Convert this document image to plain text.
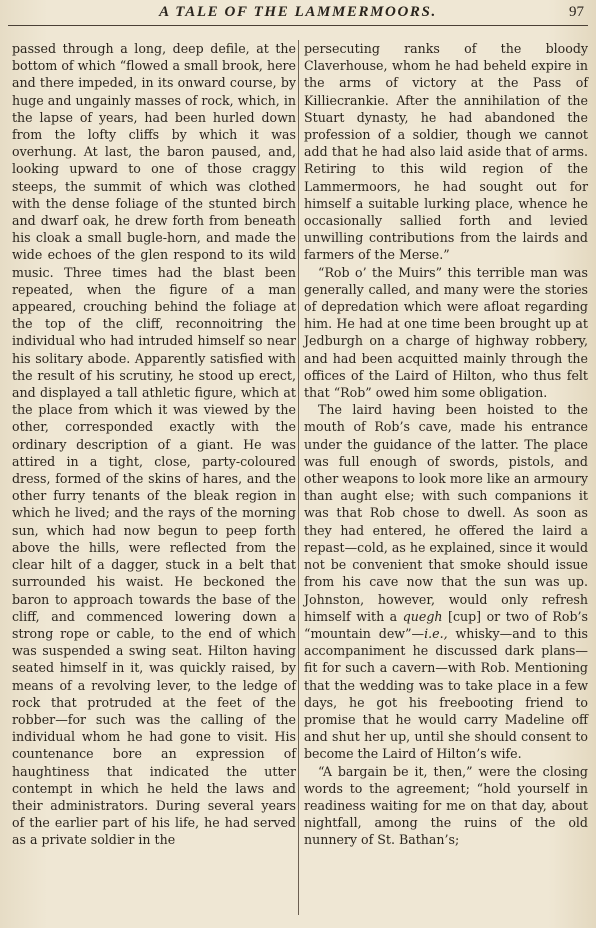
A TALE OF THE LAMMERMOORS.	97

passed through a long, deep defile, at the bottom of which “flowed a small brook, here and there impeded, in its onward course, by huge and ungainly masses of rock, which, in the lapse of years, had been hurled down from the lofty cliffs by which it was overhung. At last, the baron paused, and, looking upward to one of those craggy steeps, the summit of which was clothed with the dense foliage of the stunted birch and dwarf oak, he drew forth from beneath his cloak a small bugle-horn, and made the wide echoes of the glen respond to its wild music. Three times had the blast been repeated, when the figure of a man appeared, crouching behind the foliage at the top of the cliff, reconnoitring the individual who had intruded himself so near his solitary abode. Apparently satisfied with the result of his scrutiny, he stood up erect, and displayed a tall athletic figure, which at the place from which it was viewed by the other, corresponded exactly with the ordinary description of a giant. He was attired in a tight, close, party-coloured dress, formed of the skins of hares, and the other furry tenants of the bleak region in which he lived; and the rays of the morning sun, which had now begun to peep forth above the hills, were reflected from the clear hilt of a dagger, stuck in a belt that surrounded his waist. He beckoned the baron to approach towards the base of the cliff, and commenced lowering down a strong rope or cable, to the end of which was suspended a swing seat. Hilton having seated himself in it, was quickly raised, by means of a revolving lever, to the ledge of rock that protruded at the feet of the robber—for such was the calling of the individual whom he had gone to visit. His countenance bore an expression of haughtiness that indicated the utter contempt in which he held the laws and their administrators. During several years of the earlier part of his life, he had served as a private soldier in the

persecuting ranks of the bloody Claverhouse, whom he had beheld expire in the arms of victory at the Pass of Killiecrankie. After the annihilation of the Stuart dynasty, he had abandoned the profession of a soldier, though we cannot add that he had also laid aside that of arms. Retiring to this wild region of the Lammermoors, he had sought out for himself a suitable lurking place, whence he occasionally sallied forth and levied unwilling contributions from the lairds and farmers of the Merse.”

“Rob o’ the Muirs” this terrible man was generally called, and many were the stories of depredation which were afloat regarding him. He had at one time been brought up at Jedburgh on a charge of highway robbery, and had been acquitted mainly through the offices of the Laird of Hilton, who thus felt that “Rob” owed him some obligation.

The laird having been hoisted to the mouth of Rob’s cave, made his entrance under the guidance of the latter. The place was full enough of swords, pistols, and other weapons to look more like an armoury than aught else; with such companions it was that Rob chose to dwell. As soon as they had entered, he offered the laird a repast—cold, as he explained, since it would not be convenient that smoke should issue from his cave now that the sun was up. Johnston, however, would only refresh himself with a quegh [cup] or two of Rob’s “mountain dew”—i.e., whisky—and to this accompaniment he discussed dark plans—fit for such a cavern—with Rob. Mentioning that the wedding was to take place in a few days, he got his freebooting friend to promise that he would carry Madeline off and shut her up, until she should consent to become the Laird of Hilton’s wife.

“A bargain be it, then,” were the closing words to the agreement; “hold yourself in readiness waiting for me on that day, about nightfall, among the ruins of the old nunnery of St. Bathan’s;
